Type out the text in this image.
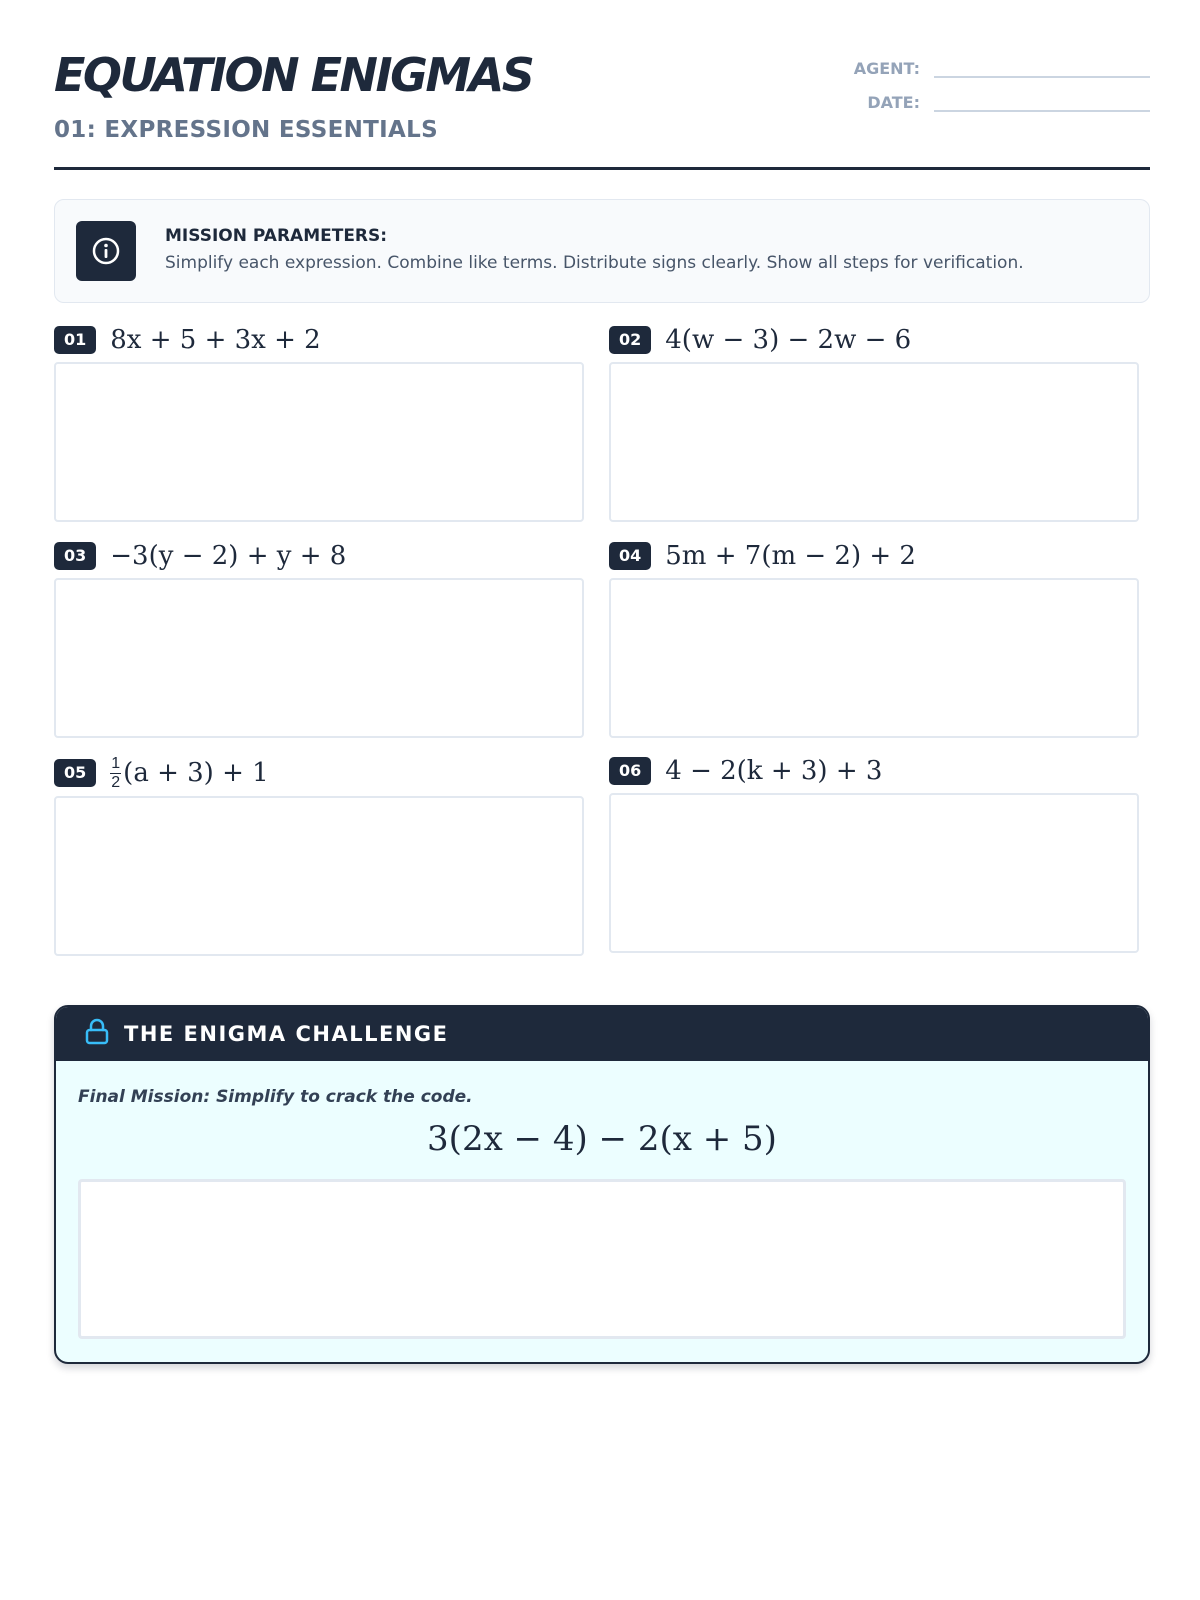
EQUATION ENIGMAS
01: EXPRESSION ESSENTIALS
AGENT:
DATE:
MISSION PARAMETERS:
Simplify each expression. Combine like terms. Distribute signs clearly. Show all steps for verification.
01 8x + 5 + 3x + 2	02 4(w − 3) − 2w − 6
03 −3(y − 2) + y + 8	04 5m + 7(m − 2) + 2
05	$\frac{1}{2} (a + 3) + 1$	06 4 − 2(k + 3) + 3
THE ENIGMA CHALLENGE
Final Mission: Simplify to crack the code.
3(2x − 4) − 2(x + 5)
